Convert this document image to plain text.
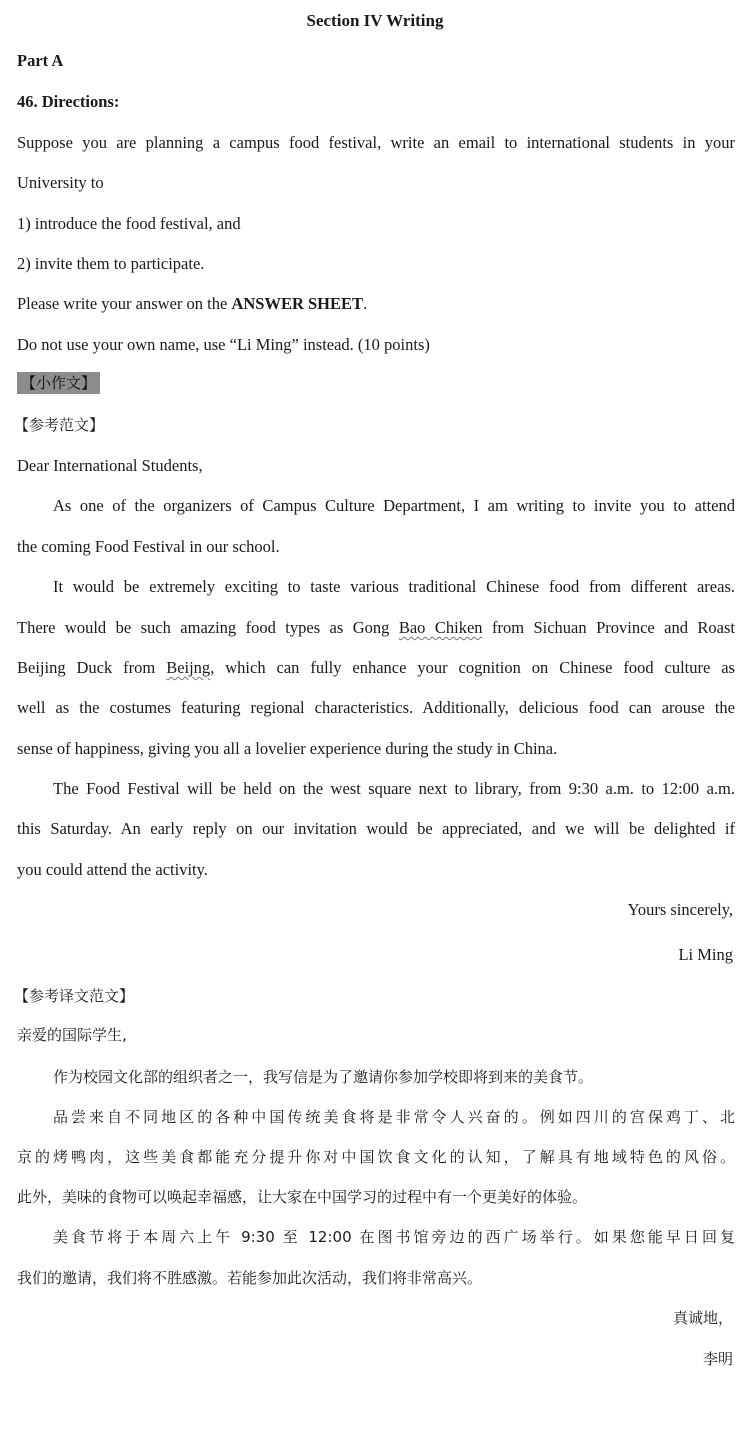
Section IV Writing
Part A
46. Directions:
Suppose you are planning a campus food festival, write an email to international students in your
University to
1) introduce the food festival, and
2) invite them to participate.
Please write your answer on the ANSWER SHEET.
Do not use your own name, use “Li Ming” instead. (10 points)
【小作文】
【参考范文】
Dear International Students,
As one of the organizers of Campus Culture Department, I am writing to invite you to attend
the coming Food Festival in our school.
It would be extremely exciting to taste various traditional Chinese food from different areas.
There would be such amazing food types as Gong Bao Chiken from Sichuan Province and Roast
Beijing Duck from Beijng, which can fully enhance your cognition on Chinese food culture as
well as the costumes featuring regional characteristics. Additionally, delicious food can arouse the
sense of happiness, giving you all a lovelier experience during the study in China.
The Food Festival will be held on the west square next to library, from 9:30 a.m. to 12:00 a.m.
this Saturday. An early reply on our invitation would be appreciated, and we will be delighted if
you could attend the activity.
Yours sincerely,
Li Ming
【参考译文范文】
亲爱的国际学生,
作为校园文化部的组织者之一，我写信是为了邀请你参加学校即将到来的美食节。
品尝来自不同地区的各种中国传统美食将是非常令人兴奋的。例如四川的宫保鸡丁、北
京的烤鸭肉，这些美食都能充分提升你对中国饮食文化的认知，了解具有地域特色的风俗。
此外，美味的食物可以唤起幸福感，让大家在中国学习的过程中有一个更美好的体验。
美食节将于本周六上午 9:30 至 12:00 在图书馆旁边的西广场举行。如果您能早日回复
我们的邀请，我们将不胜感激。若能参加此次活动，我们将非常高兴。
真诚地，
李明
